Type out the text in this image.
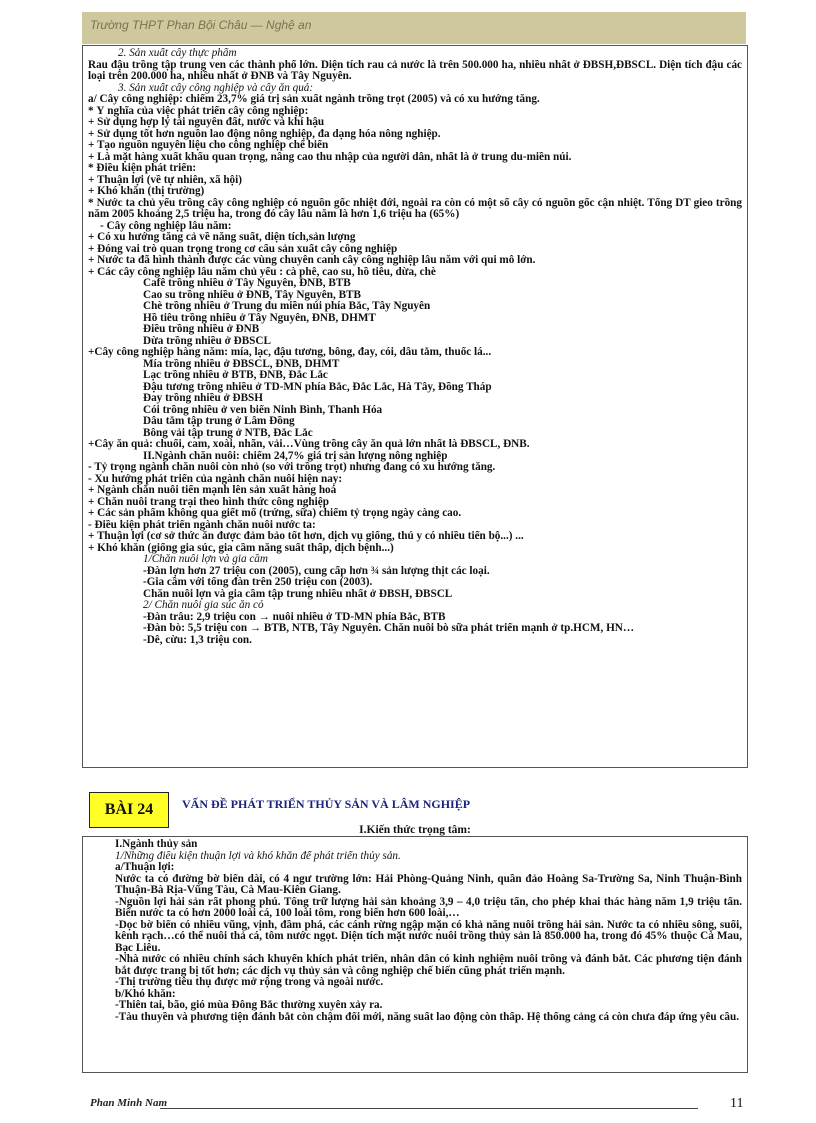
Trường THPT Phan Bội Châu — Nghệ an
2. Sản xuất cây thực phẩm
Rau đậu trồng tập trung ven các thành phố lớn. Diện tích rau cả nước là trên 500.000 ha, nhiều nhất ở ĐBSH,ĐBSCL. Diện tích đậu các loại trên 200.000 ha, nhiều nhất ở ĐNB và Tây Nguyên.
3. Sản xuất cây công nghiệp và cây ăn quả:
a/ Cây công nghiệp: chiếm 23,7% giá trị sản xuất ngành trồng trọt (2005) và có xu hướng tăng.
* Ý nghĩa của việc phát triển cây công nghiệp:
+ Sử dụng hợp lý tài nguyên đất, nước và khí hậu
+ Sử dụng tốt hơn nguồn lao động nông nghiệp, đa dạng hóa nông nghiệp.
+ Tạo nguồn nguyên liệu cho công nghiệp chế biến
+ Là mặt hàng xuất khẩu quan trọng, nâng cao thu nhập của người dân, nhất là ở trung du-miền núi.
* Điều kiện phát triển:
+ Thuận lợi (về tự nhiên, xã hội)
+ Khó khăn (thị trường)
* Nước ta chủ yếu trồng cây công nghiệp có nguồn gốc nhiệt đới, ngoài ra còn có một số cây có nguồn gốc cận nhiệt. Tổng DT gieo trồng năm 2005 khoảng 2,5 triệu ha, trong đó cây lâu năm là hơn 1,6 triệu ha (65%)
- Cây công nghiệp lâu năm:
+ Có xu hướng tăng cả về năng suất, diện tích,sản lượng
+ Đóng vai trò quan trọng trong cơ cấu sản xuất cây công nghiệp
+ Nước ta đã hình thành được các vùng chuyên canh cây công nghiệp lâu năm với qui mô lớn.
+ Các cây công nghiệp lâu năm chủ yếu : cà phê, cao su, hồ tiêu, dừa, chè
Cafê trồng nhiều ở Tây Nguyên, ĐNB, BTB
Cao su trồng nhiều ở ĐNB, Tây Nguyên, BTB
Chè trồng nhiều ở Trung du miền núi phía Bắc, Tây Nguyên
Hồ tiêu trồng nhiều ở Tây Nguyên, ĐNB, DHMT
Điều trồng nhiều ở ĐNB
Dừa trồng nhiều ở ĐBSCL
+Cây công nghiệp hàng năm: mía, lạc, đậu tương, bông, đay, cói, dâu tằm, thuốc lá...
Mía trồng nhiều ở ĐBSCL, ĐNB, DHMT
Lạc trồng nhiều ở BTB, ĐNB, Đắc Lắc
Đậu tương trồng nhiều ở TD-MN phía Bắc, Đắc Lắc, Hà Tây, Đồng Tháp
Đay trồng nhiều ở ĐBSH
Cói trồng nhiều ở ven biển Ninh Bình, Thanh Hóa
Dâu tằm tập trung ở Lâm Đồng
Bông vải tập trung ở NTB, Đắc Lắc
+Cây ăn quả: chuối, cam, xoài, nhãn, vải…Vùng trồng cây ăn quả lớn nhất là ĐBSCL, ĐNB.
II.Ngành chăn nuôi: chiếm 24,7% giá trị sản lượng nông nghiệp
- Tỷ trọng ngành chăn nuôi còn nhỏ (so với trồng trọt) nhưng đang có xu hướng tăng.
- Xu hướng phát triển của ngành chăn nuôi hiện nay:
+ Ngành chăn nuôi tiến mạnh lên sản xuất hàng hoá
+ Chăn nuôi trang trại theo hình thức công nghiệp
+ Các sản phẩm không qua giết mổ (trứng, sữa) chiếm tỷ trọng ngày càng cao.
- Điều kiện phát triển ngành chăn nuôi nước ta:
+ Thuận lợi (cơ sở thức ăn được đảm bảo tốt hơn, dịch vụ giống, thú y có nhiều tiến bộ...) ...
+ Khó khăn (giống gia súc, gia cầm năng suất thấp, dịch bệnh...)
1/Chăn nuôi lợn và gia cầm
-Đàn lợn hơn 27 triệu con (2005), cung cấp hơn ¾ sản lượng thịt các loại.
-Gia cầm với tổng đàn trên 250 triệu con (2003).
Chăn nuôi lợn và gia cầm tập trung nhiều nhất ở ĐBSH, ĐBSCL
2/ Chăn nuôi gia súc ăn cỏ
-Đàn trâu: 2,9 triệu con → nuôi nhiều ở TD-MN phía Bắc, BTB
-Đàn bò: 5,5 triệu con → BTB, NTB, Tây Nguyên. Chăn nuôi bò sữa phát triển mạnh ở tp.HCM, HN…
-Dê, cừu: 1,3 triệu con.
BÀI 24	VẤN ĐỀ PHÁT TRIỂN THỦY SẢN VÀ LÂM NGHIỆP
I.Kiến thức trọng tâm:
I.Ngành thủy sản
1/Những điều kiện thuận lợi và khó khăn để phát triển thủy sản.
a/Thuận lợi:
Nước ta có đường bờ biển dài, có 4 ngư trường lớn: Hải Phòng-Quảng Ninh, quần đảo Hoàng Sa-Trường Sa, Ninh Thuận-Bình Thuận-Bà Rịa-Vũng Tàu, Cà Mau-Kiên Giang.
-Nguồn lợi hải sản rất phong phú. Tổng trữ lượng hải sản khoảng 3,9 – 4,0 triệu tấn, cho phép khai thác hàng năm 1,9 triệu tấn. Biển nước ta có hơn 2000 loài cá, 100 loài tôm, rong biển hơn 600 loài,…
-Dọc bờ biển có nhiều vũng, vịnh, đầm phá, các cánh rừng ngập mặn có khả năng nuôi trồng hải sản. Nước ta có nhiều sông, suối, kênh rạch…có thể nuôi thả cá, tôm nước ngọt. Diện tích mặt nước nuôi trồng thủy sản là 850.000 ha, trong đó 45% thuộc Cà Mau, Bạc Liêu.
-Nhà nước có nhiều chính sách khuyến khích phát triển, nhân dân có kinh nghiệm nuôi trồng và đánh bắt. Các phương tiện đánh bắt được trang bị tốt hơn; các dịch vụ thủy sản và công nghiệp chế biến cũng phát triển mạnh.
-Thị trường tiêu thụ được mở rộng trong và ngoài nước.
b/Khó khăn:
-Thiên tai, bão, gió mùa Đông Bắc thường xuyên xảy ra.
-Tàu thuyền và phương tiện đánh bắt còn chậm đổi mới, năng suất lao động còn thấp. Hệ thống cảng cá còn chưa đáp ứng yêu cầu.
Phan Minh Nam	11
